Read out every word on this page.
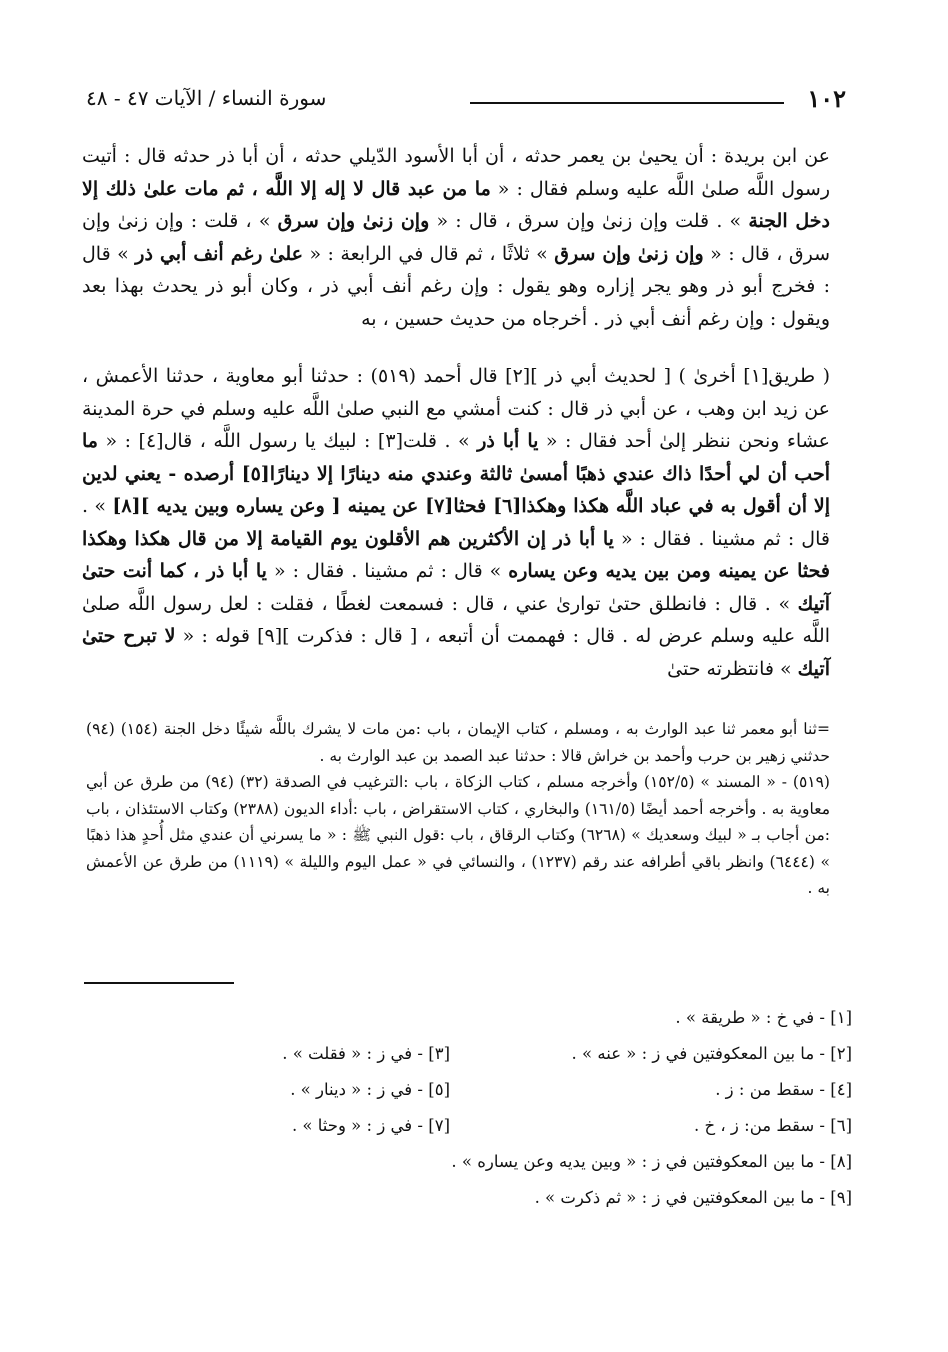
١٠٢
سورة النساء / الآيات ٤٧ - ٤٨
عن ابن بريدة : أن يحيىٰ بن يعمر حدثه ، أن أبا الأسود الدّيلي حدثه ، أن أبا ذر حدثه قال : أتيت رسول اللَّه صلىٰ اللَّه عليه وسلم فقال : « ما من عبد قال لا إله إلا اللَّه ، ثم مات علىٰ ذلك إلا دخل الجنة » . قلت وإن زنىٰ وإن سرق ، قال : « وإن زنىٰ وإن سرق » ، قلت : وإن زنىٰ وإن سرق ، قال : « وإن زنىٰ وإن سرق » ثلاثًا ، ثم قال في الرابعة : « علىٰ رغم أنف أبي ذر » قال : فخرج أبو ذر وهو يجر إزاره وهو يقول : وإن رغم أنف أبي ذر ، وكان أبو ذر يحدث بهذا بعد ويقول : وإن رغم أنف أبي ذر . أخرجاه من حديث حسين ، به
( طريق[١] أخرىٰ ) [ لحديث أبي ذر ][٢] قال أحمد (٥١٩) : حدثنا أبو معاوية ، حدثنا الأعمش ، عن زيد ابن وهب ، عن أبي ذر قال : كنت أمشي مع النبي صلىٰ اللَّه عليه وسلم في حرة المدينة عشاء ونحن ننظر إلىٰ أحد فقال : « يا أبا ذر » . قلت[٣] : لبيك يا رسول اللَّه ، قال[٤] : « ما أحب أن لي أحدًا ذاك عندي ذهبًا أمسىٰ ثالثة وعندي منه دينارًا إلا دينارًا[٥] أرصده - يعني لدين إلا أن أقول به في عباد اللَّه هكذا وهكذا[٦] فحثا[٧] عن يمينه [ وعن يساره وبين يديه ][٨] » . قال : ثم مشينا . فقال : « يا أبا ذر إن الأكثرين هم الأقلون يوم القيامة إلا من قال هكذا وهكذا فحثا عن يمينه ومن بين يديه وعن يساره » قال : ثم مشينا . فقال : « يا أبا ذر ، كما أنت حتىٰ آتيك » . قال : فانطلق حتىٰ توارىٰ عني ، قال : فسمعت لغطًا ، فقلت : لعل رسول اللَّه صلىٰ اللَّه عليه وسلم عرض له . قال : فهممت أن أتبعه ، [ قال : فذكرت ][٩] قوله : « لا تبرح حتىٰ آتيك » فانتظرته حتىٰ
=ثنا أبو معمر ثنا عبد الوارث به ، ومسلم ، كتاب الإيمان ، باب :من مات لا يشرك باللَّه شيئًا دخل الجنة (١٥٤) (٩٤) حدثني زهير بن حرب وأحمد بن خراش قالا : حدثنا عبد الصمد بن عبد الوارث به .
(٥١٩) - « المسند » (١٥٢/٥) وأخرجه مسلم ، كتاب الزكاة ، باب :الترغيب في الصدقة (٣٢) (٩٤) من طرق عن أبي معاوية به . وأخرجه أحمد أيضًا (١٦١/٥) والبخاري ، كتاب الاستقراض ، باب :أداء الديون (٢٣٨٨) وكتاب الاستئذان ، باب :من أجاب بـ « لبيك وسعديك » (٦٢٦٨) وكتاب الرقاق ، باب :قول النبي ﷺ : « ما يسرني أن عندي مثل أُحدٍ هذا ذهبًا » (٦٤٤٤) وانظر باقي أطرافه عند رقم (١٢٣٧) ، والنسائي في « عمل اليوم والليلة » (١١١٩) من طرق عن الأعمش به .
[١] - في خ : « طريقة » .
[٢] - ما بين المعكوفتين في ز : « عنه » .
[٣] - في ز : « فقلت » .
[٤] - سقط من : ز .
[٥] - في ز : « دينار » .
[٦] - سقط من: ز ، خ .
[٧] - في ز : « وحثا » .
[٨] - ما بين المعكوفتين في ز : « وبين يديه وعن يساره » .
[٩] - ما بين المعكوفتين في ز : « ثم ذكرت » .
